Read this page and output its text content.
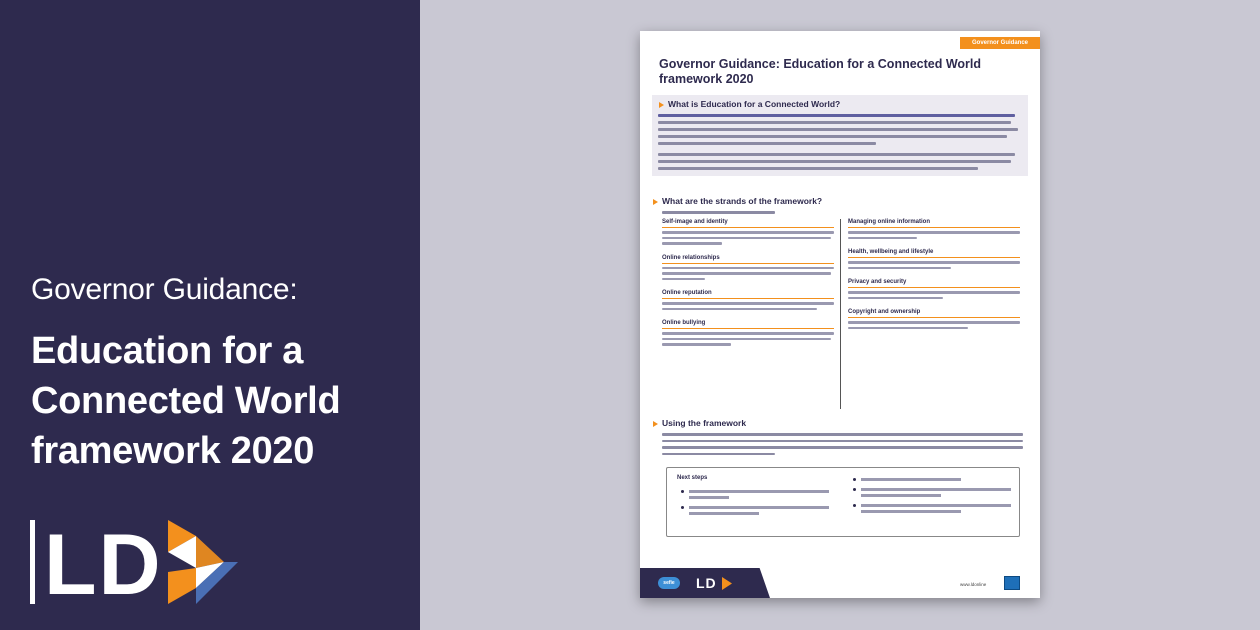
Governor Guidance:
Education for a
Connected World
framework 2020
LD
Governor Guidance
Governor Guidance: Education for a Connected World framework 2020
What is Education for a Connected World?
What are the strands of the framework?
Self-image and identity
Online relationships
Online reputation
Online bullying
Managing online information
Health, wellbeing and lifestyle
Privacy and security
Copyright and ownership
Using the framework
Next steps
sefie	LD	www.ldonline
